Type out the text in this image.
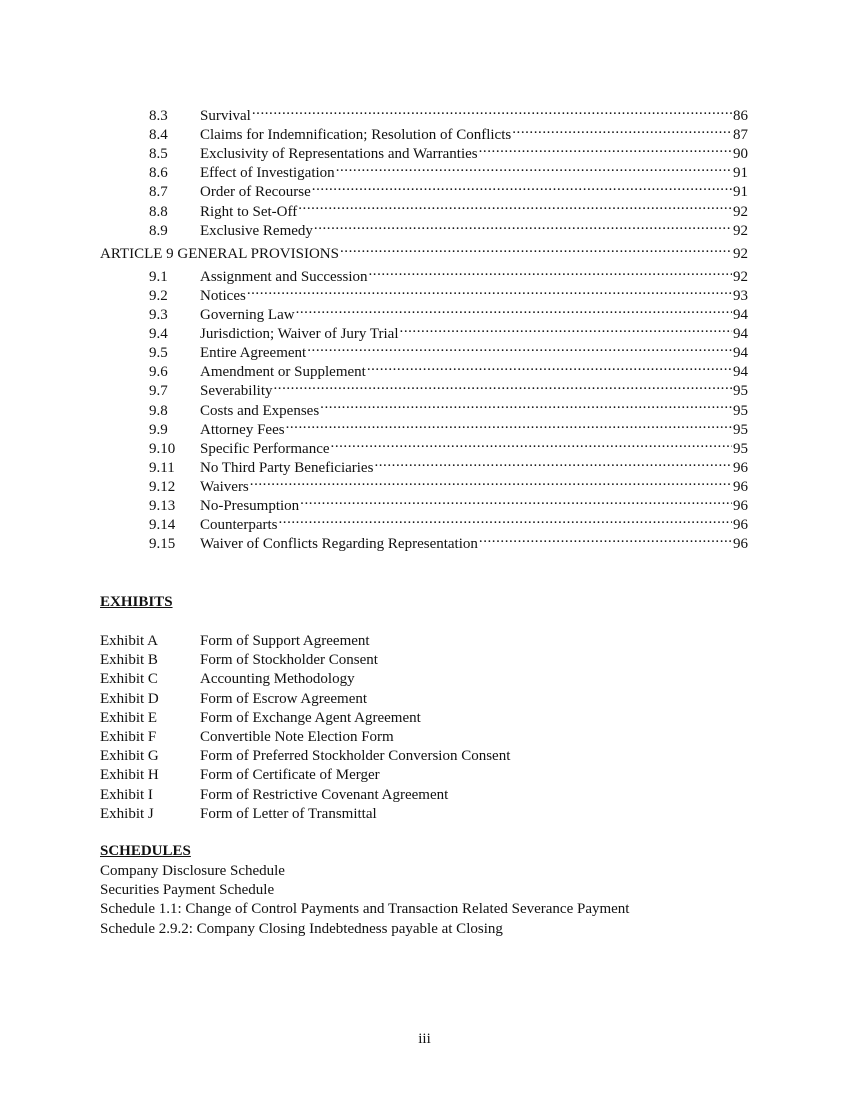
8.3	Survival . . .	86
8.4	Claims for Indemnification; Resolution of Conflicts . . .	87
8.5	Exclusivity of Representations and Warranties . . .	90
8.6	Effect of Investigation . . .	91
8.7	Order of Recourse . . .	91
8.8	Right to Set-Off . . .	92
8.9	Exclusive Remedy . . .	92
ARTICLE 9 GENERAL PROVISIONS . . .	92
9.1	Assignment and Succession . . .	92
9.2	Notices . . .	93
9.3	Governing Law . . .	94
9.4	Jurisdiction; Waiver of Jury Trial . . .	94
9.5	Entire Agreement . . .	94
9.6	Amendment or Supplement . . .	94
9.7	Severability . . .	95
9.8	Costs and Expenses . . .	95
9.9	Attorney Fees . . .	95
9.10	Specific Performance . . .	95
9.11	No Third Party Beneficiaries . . .	96
9.12	Waivers . . .	96
9.13	No-Presumption . . .	96
9.14	Counterparts . . .	96
9.15	Waiver of Conflicts Regarding Representation . . .	96
EXHIBITS
Exhibit A	Form of Support Agreement
Exhibit B	Form of Stockholder Consent
Exhibit C	Accounting Methodology
Exhibit D	Form of Escrow Agreement
Exhibit E	Form of Exchange Agent Agreement
Exhibit F	Convertible Note Election Form
Exhibit G	Form of Preferred Stockholder Conversion Consent
Exhibit H	Form of Certificate of Merger
Exhibit I	Form of Restrictive Covenant Agreement
Exhibit J	Form of Letter of Transmittal
SCHEDULES
Company Disclosure Schedule
Securities Payment Schedule
Schedule 1.1: Change of Control Payments and Transaction Related Severance Payment
Schedule 2.9.2: Company Closing Indebtedness payable at Closing
iii
